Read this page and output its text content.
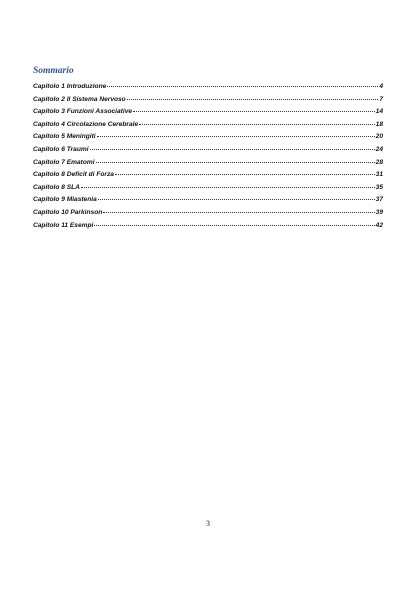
Sommario
Capitolo 1 Introduzione	4
Capitolo 2 Il Sistema Nervoso	7
Capitolo 3 Funzioni Associative	14
Capitolo 4 Circolazione Cerebrale	18
Capitolo 5 Meningiti	20
Capitolo 6 Traumi	24
Capitolo 7 Ematomi	28
Capitolo 8 Deficit di Forza	31
Capitolo 8 SLA	35
Capitolo 9 Miastenia	37
Capitolo 10 Parkinson	39
Capitolo 11 Esempi	42
3
